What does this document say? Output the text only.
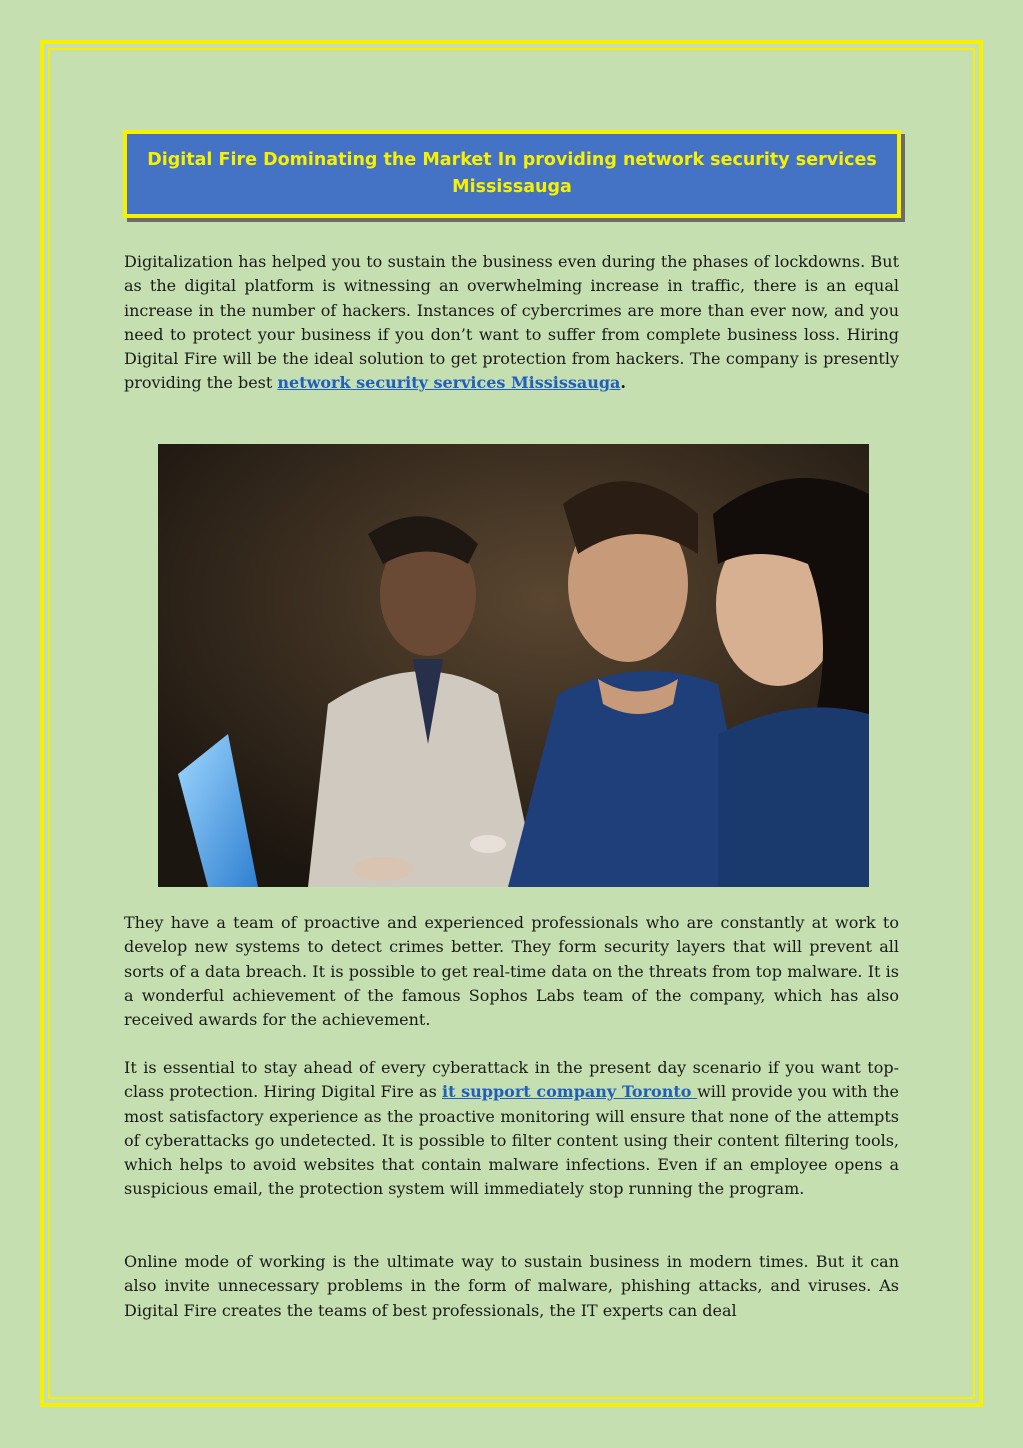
Digital Fire Dominating the Market In providing network security services Mississauga

Digitalization has helped you to sustain the business even during the phases of lockdowns. But as the digital platform is witnessing an overwhelming increase in traffic, there is an equal increase in the number of hackers. Instances of cybercrimes are more than ever now, and you need to protect your business if you don’t want to suffer from complete business loss. Hiring Digital Fire will be the ideal solution to get protection from hackers. The company is presently providing the best network security services Mississauga.

They have a team of proactive and experienced professionals who are constantly at work to develop new systems to detect crimes better. They form security layers that will prevent all sorts of a data breach. It is possible to get real-time data on the threats from top malware. It is a wonderful achievement of the famous Sophos Labs team of the company, which has also received awards for the achievement.

It is essential to stay ahead of every cyberattack in the present day scenario if you want top-class protection. Hiring Digital Fire as it support company Toronto will provide you with the most satisfactory experience as the proactive monitoring will ensure that none of the attempts of cyberattacks go undetected. It is possible to filter content using their content filtering tools, which helps to avoid websites that contain malware infections. Even if an employee opens a suspicious email, the protection system will immediately stop running the program.

Online mode of working is the ultimate way to sustain business in modern times. But it can also invite unnecessary problems in the form of malware, phishing attacks, and viruses. As Digital Fire creates the teams of best professionals, the IT experts can deal
